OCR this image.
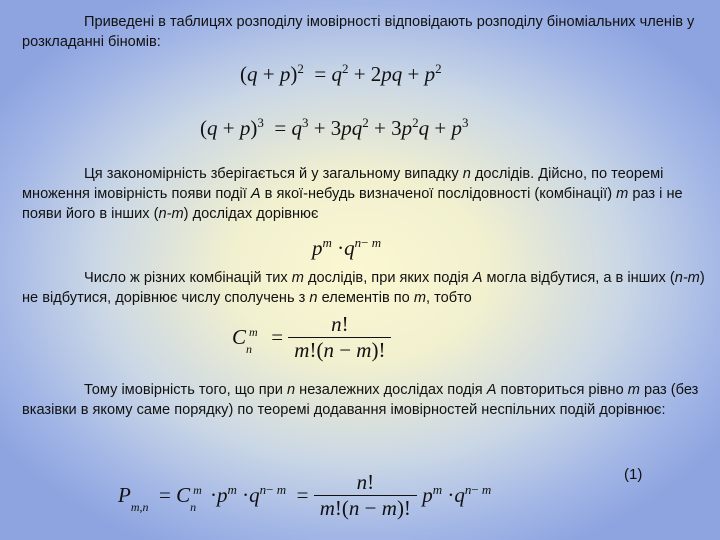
Приведені в таблицях розподілу імовірності відповідають розподілу біноміальних членів у розкладанні біномів:

$(q + p)^2 = q^2 + 2pq + p^2$
$(q + p)^3 = q^3 + 3pq^2 + 3p^2q + p^3$

Ця закономірність зберігається й у загальному випадку n дослідів. Дійсно, по теоремі множення імовірність появи події A в якої-небудь визначеної послідовності (комбінації) m раз і не появи його в інших (n-m) дослідах дорівнює

$p^m \cdot q^{n- m}$

Число ж різних комбінацій тих m дослідів, при яких подія A могла відбутися, а в інших (n-m) не відбутися, дорівнює числу сполучень з n елементів по m, тобто

$C_n^m = \frac{n!}{m!(n - m)!}$

Тому імовірність того, що при n незалежних дослідах подія A повториться рівно m раз (без вказівки в якому саме порядку) по теоремі додавання імовірностей неспільних подій дорівнює:

(1)
$P_{m,n} = C_n^m \cdot p^m \cdot q^{n- m} = \frac{n!}{m!(n - m)!} p^m \cdot q^{n- m}$
